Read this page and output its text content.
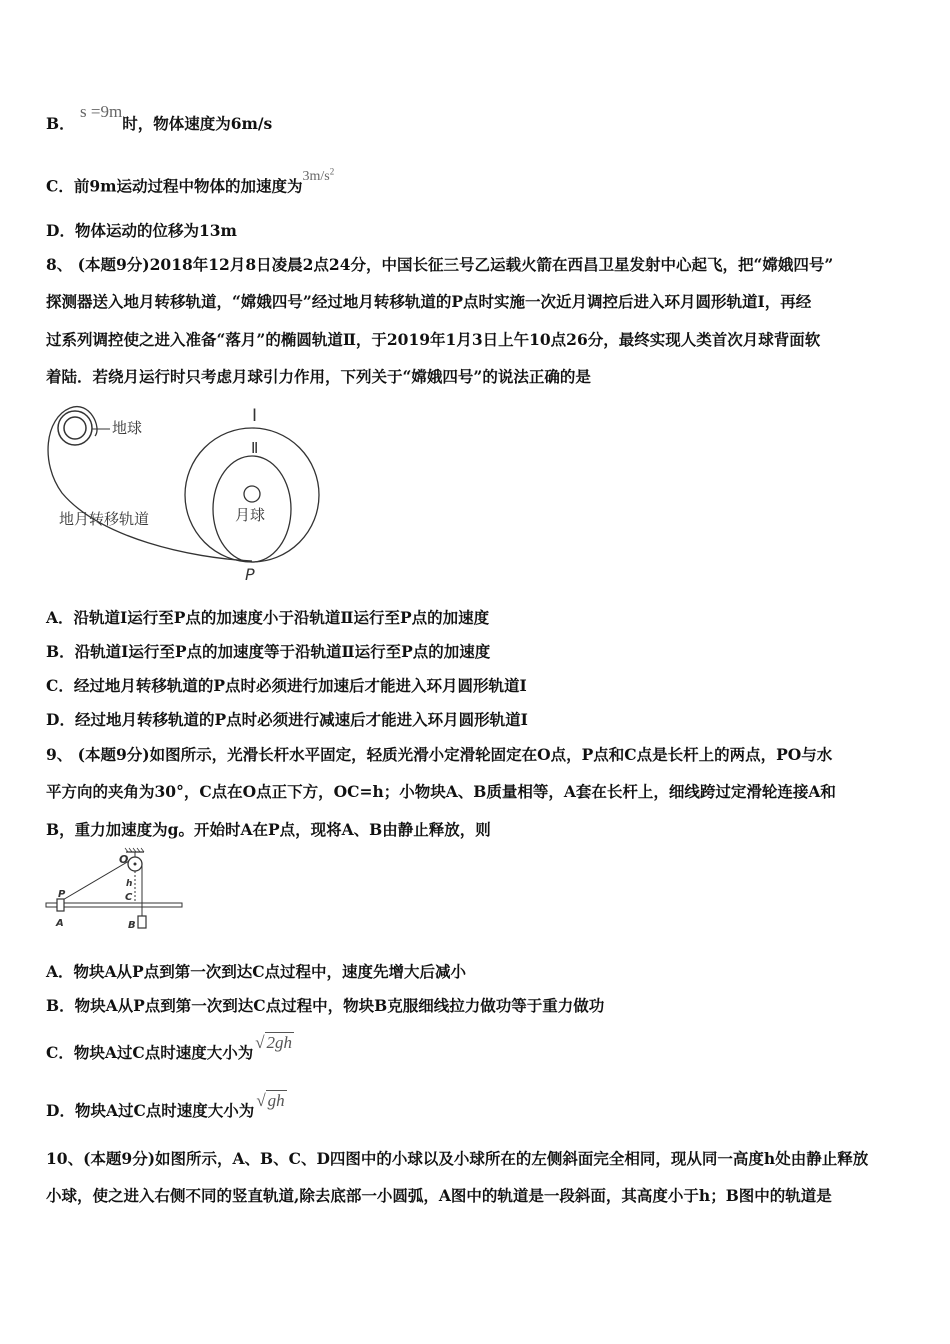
B． s =9m时，物体速度为6m/s
C．前9m运动过程中物体的加速度为$3m/s^2$
D．物体运动的位移为13m
8、 (本题9分)2018年12月8日凌晨2点24分，中国长征三号乙运载火箭在西昌卫星发射中心起飞，把“嫦娥四号”
探测器送入地月转移轨道，“嫦娥四号”经过地月转移轨道的P点时实施一次近月调控后进入环月圆形轨道I，再经
过系列调控使之进入准备“落月”的椭圆轨道Ⅱ，于2019年1月3日上午10点26分，最终实现人类首次月球背面软
着陆．若绕月运行时只考虑月球引力作用，下列关于“嫦娥四号”的说法正确的是
地球
月球
I
Ⅱ
地月转移轨道
P
A．沿轨道I运行至P点的加速度小于沿轨道Ⅱ运行至P点的加速度
B．沿轨道I运行至P点的加速度等于沿轨道Ⅱ运行至P点的加速度
C．经过地月转移轨道的P点时必须进行加速后才能进入环月圆形轨道I
D．经过地月转移轨道的P点时必须进行减速后才能进入环月圆形轨道I
9、 (本题9分)如图所示，光滑长杆水平固定，轻质光滑小定滑轮固定在O点，P点和C点是长杆上的两点，PO与水
平方向的夹角为30°，C点在O点正下方，OC=h；小物块A、B质量相等，A套在长杆上，细线跨过定滑轮连接A和
B，重力加速度为g。开始时A在P点，现将A、B由静止释放，则
O
P
A	B
h
C
A．物块A从P点到第一次到达C点过程中，速度先增大后减小
B．物块A从P点到第一次到达C点过程中，物块B克服细线拉力做功等于重力做功
C．物块A过C点时速度大小为√ 2gh
D．物块A过C点时速度大小为√ gh
10、(本题9分)如图所示，A、B、C、D四图中的小球以及小球所在的左侧斜面完全相同，现从同一高度h处由静止释放
小球，使之进入右侧不同的竖直轨道,除去底部一小圆弧，A图中的轨道是一段斜面，其高度小于h；B图中的轨道是
